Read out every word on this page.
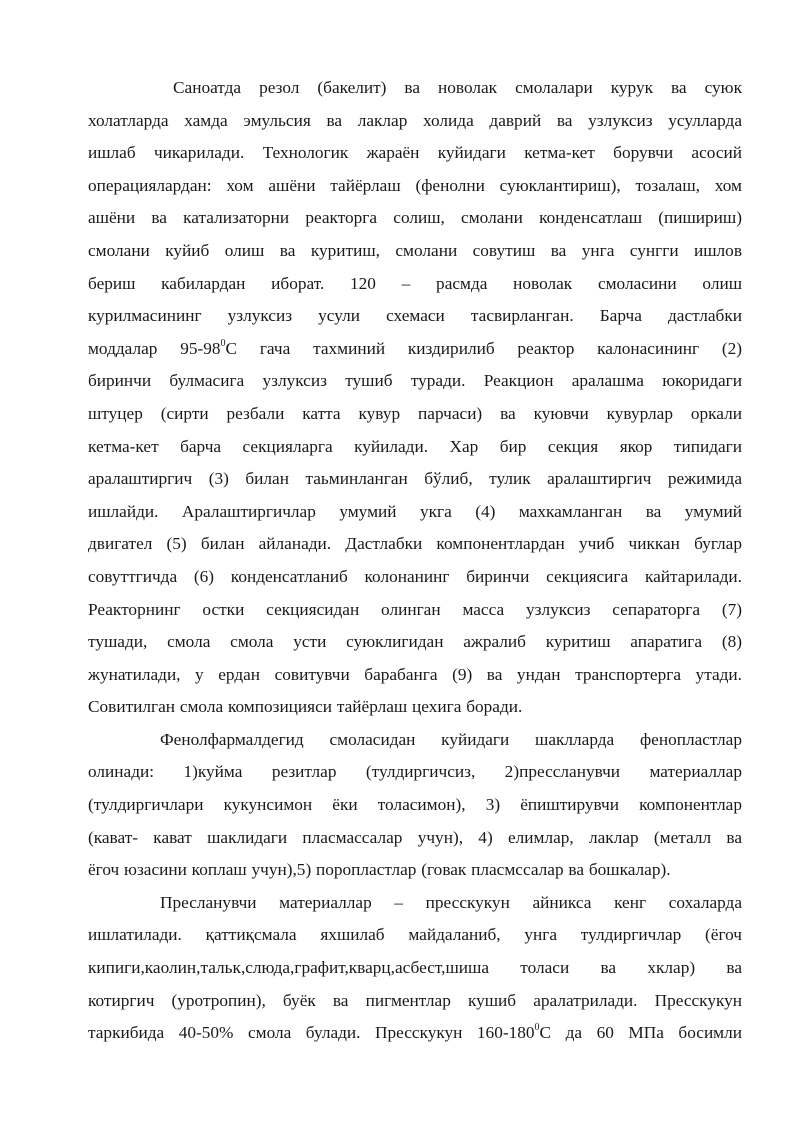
Саноатда резол (бакелит) ва новолак смолалари курук ва суюк
холатларда хамда эмульсия ва лаклар холида даврий ва узлуксиз усулларда
ишлаб чикарилади. Технологик жараён куйидаги кетма-кет борувчи асосий
операциялардан: хом ашёни тайёрлаш (фенолни суюклантириш), тозалаш, хом
ашёни ва катализаторни реакторга солиш, смолани конденсатлаш (пишириш)
смолани куйиб олиш ва куритиш, смолани совутиш ва унга сунгги ишлов
бериш кабилардан иборат. 120 – расмда новолак смоласини олиш
курилмасининг узлуксиз усули схемаси тасвирланган. Барча дастлабки
моддалар $95-98^0С$ гача тахминий киздирилиб реактор калонасининг (2)
биринчи булмасига узлуксиз тушиб туради. Реакцион аралашма юкоридаги
штуцер (сирти резбали катта кувур парчаси) ва куювчи кувурлар оркали
кетма-кет барча секцияларга куйилади. Хар бир секция якор типидаги
аралаштиргич (3) билан таьминланган бўлиб, тулик аралаштиргич режимида
ишлайди. Аралаштиргичлар умумий укга (4) махкамланган ва умумий
двигател (5) билан айланади. Дастлабки компонентлардан учиб чиккан буглар
совуттгичда (6) конденсатланиб колонанинг биринчи секциясига кайтарилади.
Реакторнинг остки секциясидан олинган масса узлуксиз сепараторга (7)
тушади, смола смола усти суюклигидан ажралиб куритиш апаратига (8)
жунатилади, у ердан совитувчи барабанга (9) ва ундан транспортерга утади.
Совитилган смола композицияси тайёрлаш цехига боради.
Фенолфармалдегид смоласидан куйидаги шаклларда фенопластлар
олинади: 1)куйма резитлар (тулдиргичсиз, 2)прессланувчи материаллар
(тулдиргичлари кукунсимон ёки толасимон), 3) ёпиштирувчи компонентлар
(кават- кават шаклидаги пласмассалар учун), 4) елимлар, лаклар (металл ва
ёгоч юзасини коплаш учун),5) поропластлар (говак пласмссалар ва бошкалар).
Пресланувчи материаллар – пресскукун айникса кенг сохаларда
ишлатилади. қаттиқсмала яхшилаб майдаланиб, унга тулдиргичлар (ёгоч
кипиги,каолин,тальк,слюда,графит,кварц,асбест,шиша толаси ва хклар) ва
котиргич (уротропин), буёк ва пигментлар кушиб аралатрилади. Пресскукун
таркибида 40-50% смола булади. Пресскукун $160-180^0С$ да 60 МПа босимли
